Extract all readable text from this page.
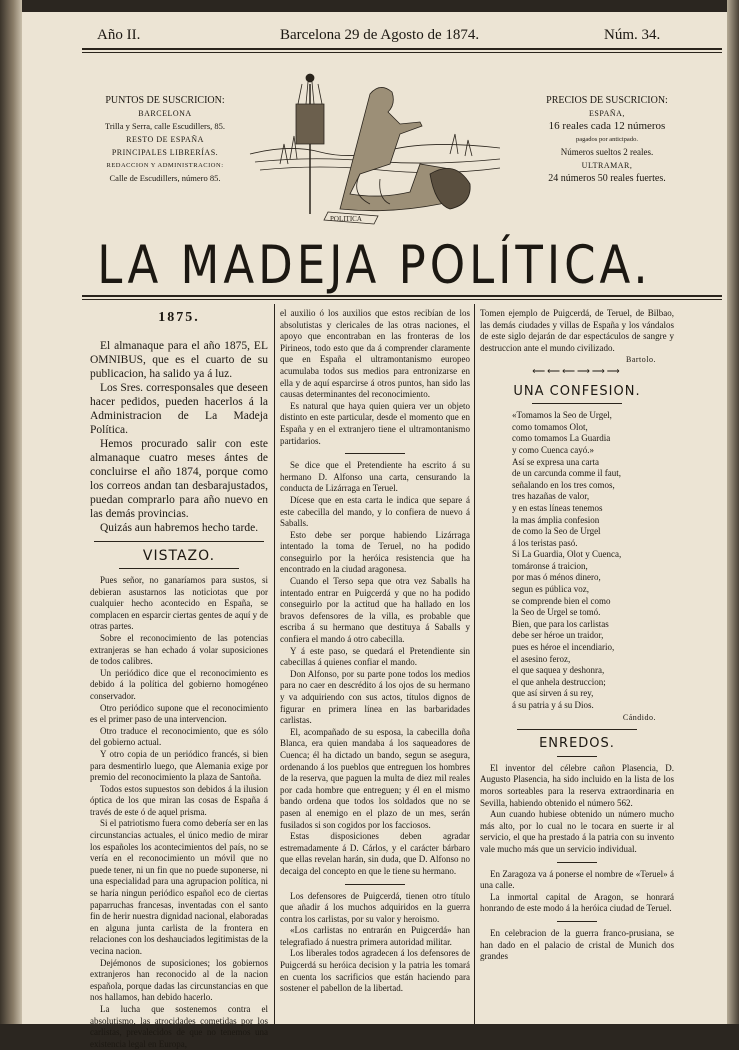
Año II.	Barcelona 29 de Agosto de 1874.	Núm. 34.
PUNTOS DE SUSCRICION:
BARCELONA
Trilla y Serra, calle Escudillers, 85.
RESTO DE ESPAÑA
PRINCIPALES LIBRERÍAS.
REDACCION Y ADMINISTRACION:
Calle de Escudillers, número 85.
PRECIOS DE SUSCRICION:
ESPAÑA,
16 reales cada 12 números
pagados por anticipado.
Números sueltos 2 reales.
ULTRAMAR,
24 números 50 reales fuertes.
POLITICA
LA MADEJA POLÍTICA.
1875.

El almanaque para el año 1875, EL OMNIBUS, que es el cuarto de su publicacion, ha salido ya á luz.

Los Sres. corresponsales que deseen hacer pedidos, pueden hacerlos á la Administracion de La Madeja Política.

Hemos procurado salir con este almanaque cuatro meses ántes de concluirse el año 1874, porque como los correos andan tan desbarajustados, puedan comprarlo para año nuevo en las demás provincias.

Quizás aun habremos hecho tarde.

VISTAZO.

Pues señor, no ganaríamos para sustos, si debieran asustarnos las noticiotas que por cualquier hecho acontecido en España, se complacen en esparcir ciertas gentes de aquí y de otras partes.

Sobre el reconocimiento de las potencias extranjeras se han echado á volar suposiciones de todos calibres.

Un periódico dice que el reconocimiento es debido á la política del gobierno homogéneo conservador.

Otro periódico supone que el reconocimiento es el primer paso de una intervencion.

Otro traduce el reconocimiento, que es sólo del gobierno actual.

Y otro copia de un periódico francés, si bien para desmentirlo luego, que Alemania exige por premio del reconocimiento la plaza de Santoña.

Todos estos supuestos son debidos á la ilusion óptica de los que miran las cosas de España á través de este ó de aquel prisma.

Si el patriotismo fuera como debería ser en las circunstancias actuales, el único medio de mirar los españoles los acontecimientos del país, no se vería en el reconocimiento un móvil que no puede tener, ni un fin que no puede suponerse, ni una especialidad para una agrupacion política, ni se haría ningun periódico español eco de ciertas paparruchas francesas, inventadas con el santo fin de herir nuestra dignidad nacional, elaboradas en alguna junta carlista de la frontera en relaciones con los deshauciados legitimistas de la vecina nacion.

Dejémonos de suposiciones; los gobiernos extranjeros han reconocido al de la nacion española, porque dadas las circunstancias en que nos hallamos, han debido hacerlo.

La lucha que sostenemos contra el absolutismo, las atrocidades cometidas por los carlistas, prevalecidos de que no tenemos una existencia legal en Europa,

el auxilio ó los auxilios que estos recibían de los absolutistas y clericales de las otras naciones, el apoyo que encontraban en las fronteras de los Pirineos, todo esto que da á comprender claramente que en España el ultramontanismo europeo acumulaba todos sus medios para entronizarse en ella y de aquí esparcirse á otros puntos, han sido las causas determinantes del reconocimiento.

Es natural que haya quien quiera ver un objeto distinto en este particular, desde el momento que en España y en el extranjero tiene el ultramontanismo partidarios.

Se dice que el Pretendiente ha escrito á su hermano D. Alfonso una carta, censurando la conducta de Lizárraga en Teruel.

Dícese que en esta carta le indica que separe á este cabecilla del mando, y lo confiera de nuevo á Saballs.

Esto debe ser porque habiendo Lizárraga intentado la toma de Teruel, no ha podido conseguirlo por la heróica resistencia que ha encontrado en la ciudad aragonesa.

Cuando el Terso sepa que otra vez Saballs ha intentado entrar en Puigcerdá y que no ha podido conseguirlo por la actitud que ha hallado en los bravos defensores de la villa, es probable que escriba á su hermano que destituya á Saballs y confiera el mando á otro cabecilla.

Y á este paso, se quedará el Pretendiente sin cabecillas á quienes confiar el mando.

Don Alfonso, por su parte pone todos los medios para no caer en descrédito á los ojos de su hermano y va adquiriendo con sus actos, títulos dignos de figurar en primera línea en las barbaridades carlistas.

El, acompañado de su esposa, la cabecilla doña Blanca, era quien mandaba á los saqueadores de Cuenca; él ha dictado un bando, segun se asegura, ordenando á los pueblos que entreguen los hombres de la reserva, que paguen la multa de diez mil reales por cada hombre que entreguen; y él en el mismo bando ordena que todos los soldados que no se pasen al enemigo en el plazo de un mes, serán fusilados si son cogidos por los facciosos.

Estas disposiciones deben agradar estremadamente á D. Cárlos, y el carácter bárbaro que ellas revelan harán, sin duda, que D. Alfonso no decaiga del concepto en que le tiene su hermano.

Los defensores de Puigcerdá, tienen otro título que añadir á los muchos adquiridos en la guerra contra los carlistas, por su valor y heroismo.

«Los carlistas no entrarán en Puigcerdá» han telegrafiado á nuestra primera autoridad militar.

Los liberales todos agradecen á los defensores de Puigcerdá su heróica decision y la patria les tomará en cuenta los sacrificios que están haciendo para sostener el pabellon de la libertad.

Tomen ejemplo de Puigcerdá, de Teruel, de Bilbao, las demás ciudades y villas de España y los vándalos de este siglo dejarán de dar espectáculos de sangre y destruccion ante el mundo civilizado.

Bartolo.
⟵⟵⟵⟶⟶⟶
UNA CONFESION.

«Tomamos la Seo de Urgel,

como tomamos Olot,

como tomamos La Guardia

y como Cuenca cayó.»

Así se expresa una carta

de un carcunda comme il faut,

señalando en los tres comos,

tres hazañas de valor,

y en estas líneas tenemos

la mas ámplia confesion

de como la Seo de Urgel

á los teristas pasó.

Si La Guardia, Olot y Cuenca,

tomáronse á traicion,

por mas ó ménos dinero,

segun es pública voz,

se comprende bien el como

la Seo de Urgel se tomó.

Bien, que para los carlistas

debe ser héroe un traidor,

pues es héroe el incendiario,

el asesino feroz,

el que saquea y deshonra,

el que anhela destruccion;

que así sirven á su rey,

á su patria y á su Dios.

Cándido.
ENREDOS.

El inventor del célebre cañon Plasencia, D. Augusto Plasencia, ha sido incluido en la lista de los moros sorteables para la reserva extraordinaria en Sevilla, habiendo obtenido el número 562.

Aun cuando hubiese obtenido un número mucho más alto, por lo cual no le tocara en suerte ir al servicio, el que ha prestado á la patria con su invento vale mucho más que un servicio individual.

En Zaragoza va á ponerse el nombre de «Teruel» á una calle.

La inmortal capital de Aragon, se honrará honrando de este modo á la heróica ciudad de Teruel.

En celebracion de la guerra franco-prusiana, se han dado en el palacio de cristal de Munich dos grandes
